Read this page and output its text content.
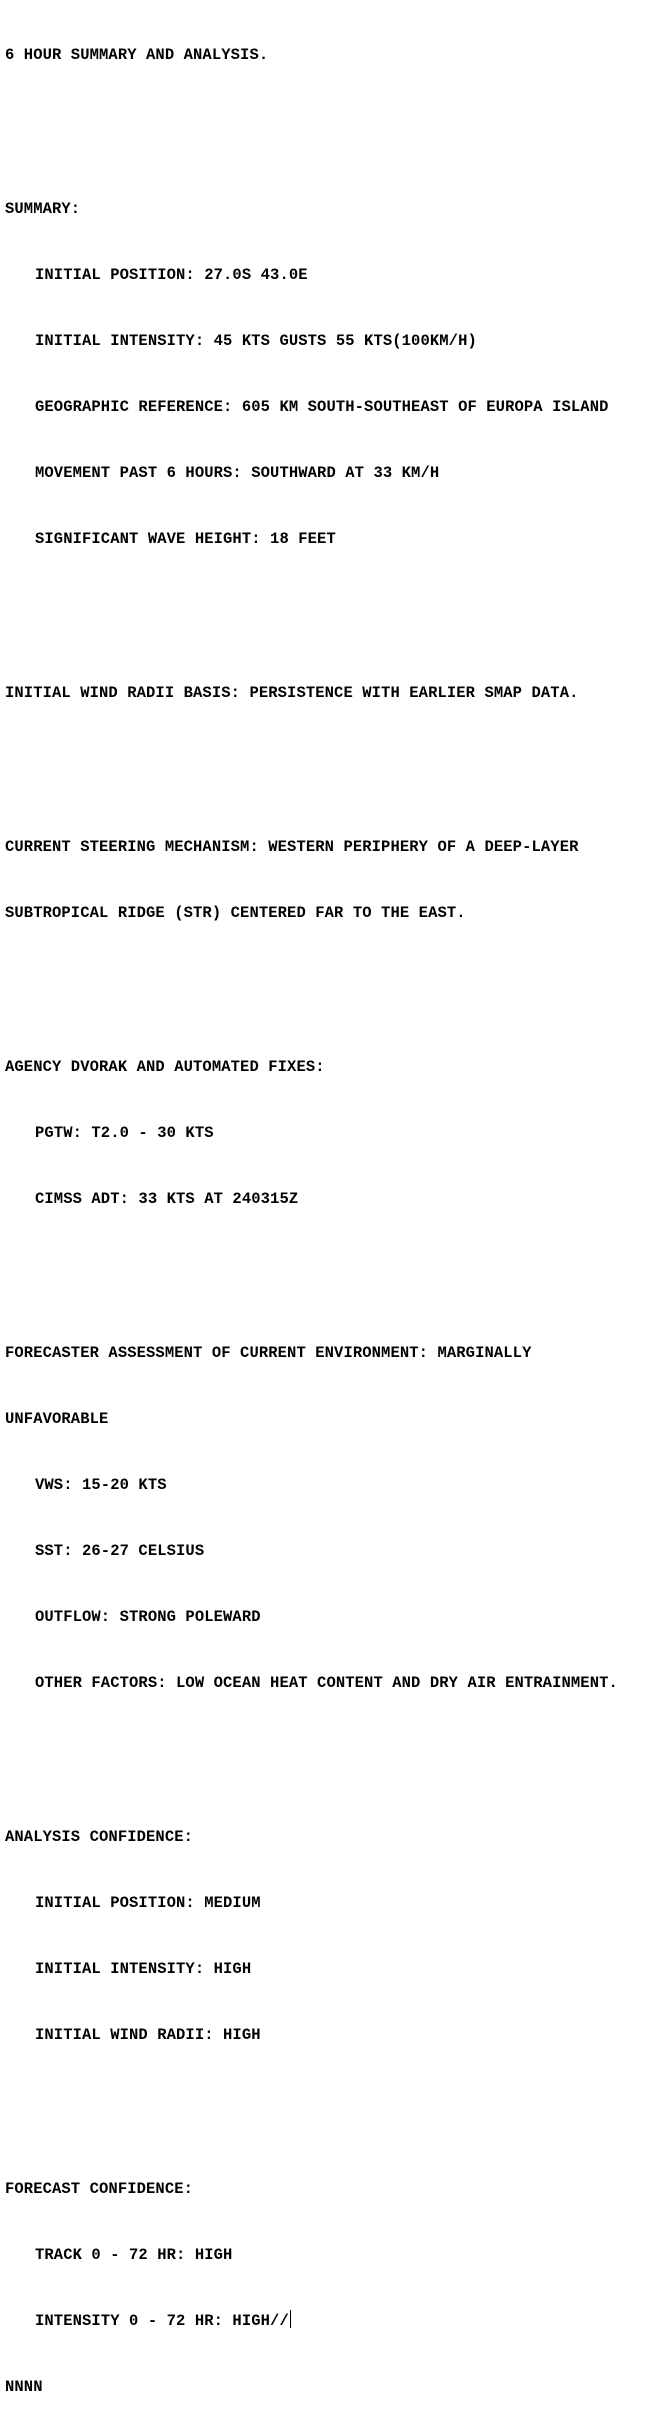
6 HOUR SUMMARY AND ANALYSIS.

SUMMARY:

INITIAL POSITION: 27.0S 43.0E

INITIAL INTENSITY: 45 KTS GUSTS 55 KTS(100KM/H)

GEOGRAPHIC REFERENCE: 605 KM SOUTH-SOUTHEAST OF EUROPA ISLAND

MOVEMENT PAST 6 HOURS: SOUTHWARD AT 33 KM/H

SIGNIFICANT WAVE HEIGHT: 18 FEET

INITIAL WIND RADII BASIS: PERSISTENCE WITH EARLIER SMAP DATA.

CURRENT STEERING MECHANISM: WESTERN PERIPHERY OF A DEEP-LAYER

SUBTROPICAL RIDGE (STR) CENTERED FAR TO THE EAST.

AGENCY DVORAK AND AUTOMATED FIXES:

PGTW: T2.0 - 30 KTS

CIMSS ADT: 33 KTS AT 240315Z

FORECASTER ASSESSMENT OF CURRENT ENVIRONMENT: MARGINALLY

UNFAVORABLE

VWS: 15-20 KTS

SST: 26-27 CELSIUS

OUTFLOW: STRONG POLEWARD

OTHER FACTORS: LOW OCEAN HEAT CONTENT AND DRY AIR ENTRAINMENT.

ANALYSIS CONFIDENCE:

INITIAL POSITION: MEDIUM

INITIAL INTENSITY: HIGH

INITIAL WIND RADII: HIGH

FORECAST CONFIDENCE:

TRACK 0 - 72 HR: HIGH

INTENSITY 0 - 72 HR: HIGH//

NNNN
